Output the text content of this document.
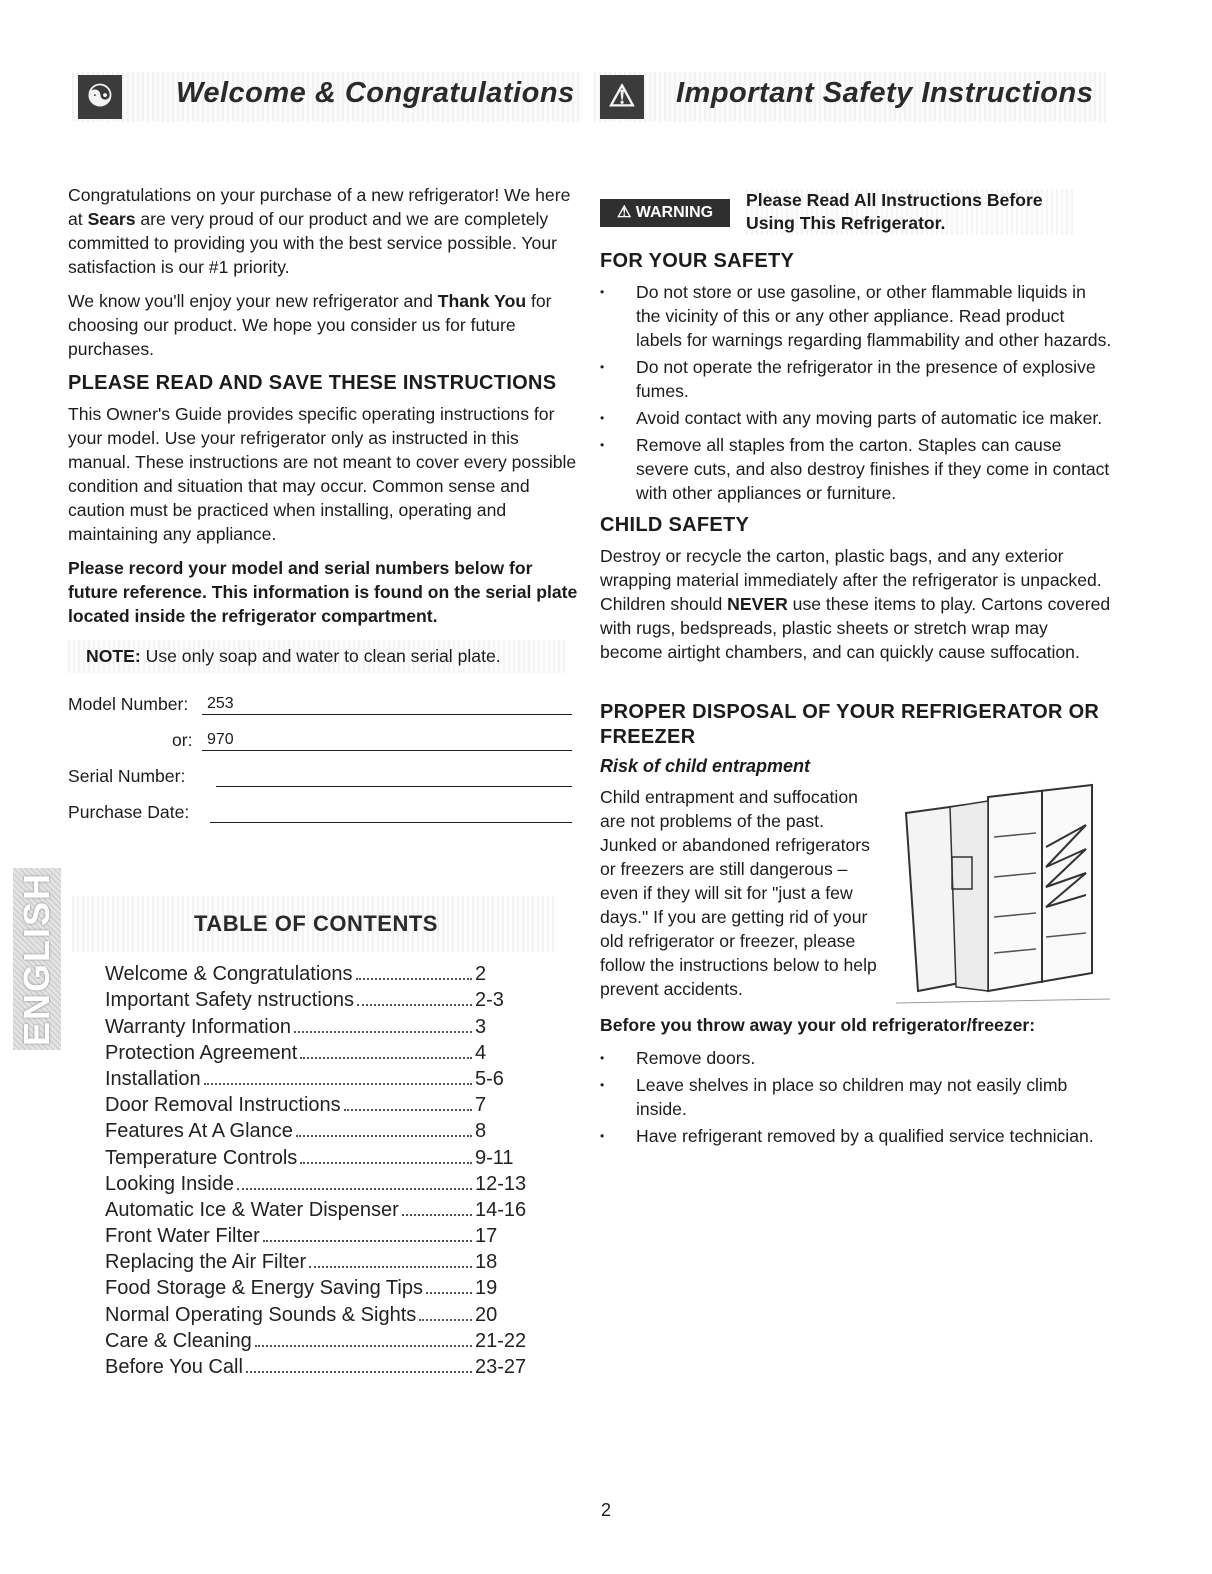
☯ Welcome & Congratulations ⚠ Important Safety Instructions

Congratulations on your purchase of a new refrigerator! We here at Sears are very proud of our product and we are completely committed to providing you with the best service possible. Your satisfaction is our #1 priority.

We know you'll enjoy your new refrigerator and Thank You for choosing our product. We hope you consider us for future purchases.

PLEASE READ AND SAVE THESE INSTRUCTIONS

This Owner's Guide provides specific operating instructions for your model. Use your refrigerator only as instructed in this manual. These instructions are not meant to cover every possible condition and situation that may occur. Common sense and caution must be practiced when installing, operating and maintaining any appliance.

Please record your model and serial numbers below for future reference. This information is found on the serial plate located inside the refrigerator compartment.
NOTE: Use only soap and water to clean serial plate.
Model Number: 253
or: 970
Serial Number:
Purchase Date:
ENGLISH	TABLE OF CONTENTS
Welcome & Congratulations	2
Important Safety nstructions	2-3
Warranty Information	3
Protection Agreement	4
Installation	5-6
Door Removal Instructions	7
Features At A Glance	8
Temperature Controls	9-11
Looking Inside	12-13
Automatic Ice & Water Dispenser	14-16
Front Water Filter	17
Replacing the Air Filter	18
Food Storage & Energy Saving Tips	19
Normal Operating Sounds & Sights	20
Care & Cleaning	21-22
Before You Call	23-27
⚠ WARNING
Please Read All Instructions Before
Using This Refrigerator.
FOR YOUR SAFETY
• Do not store or use gasoline, or other flammable liquids in the vicinity of this or any other appliance. Read product labels for warnings regarding flammability and other hazards.
• Do not operate the refrigerator in the presence of explosive fumes.
• Avoid contact with any moving parts of automatic ice maker.
• Remove all staples from the carton. Staples can cause severe cuts, and also destroy finishes if they come in contact with other appliances or furniture.
CHILD SAFETY

Destroy or recycle the carton, plastic bags, and any exterior wrapping material immediately after the refrigerator is unpacked. Children should NEVER use these items to play. Cartons covered with rugs, bedspreads, plastic sheets or stretch wrap may become airtight chambers, and can quickly cause suffocation.

PROPER DISPOSAL OF YOUR REFRIGERATOR OR FREEZER
Risk of child entrapment
Child entrapment and suffocation are not problems of the past. Junked or abandoned refrigerators or freezers are still dangerous – even if they will sit for "just a few days." If you are getting rid of your old refrigerator or freezer, please follow the instructions below to help prevent accidents.
Before you throw away your old refrigerator/freezer:
• Remove doors.
• Leave shelves in place so children may not easily climb inside.
• Have refrigerant removed by a qualified service technician.
2
